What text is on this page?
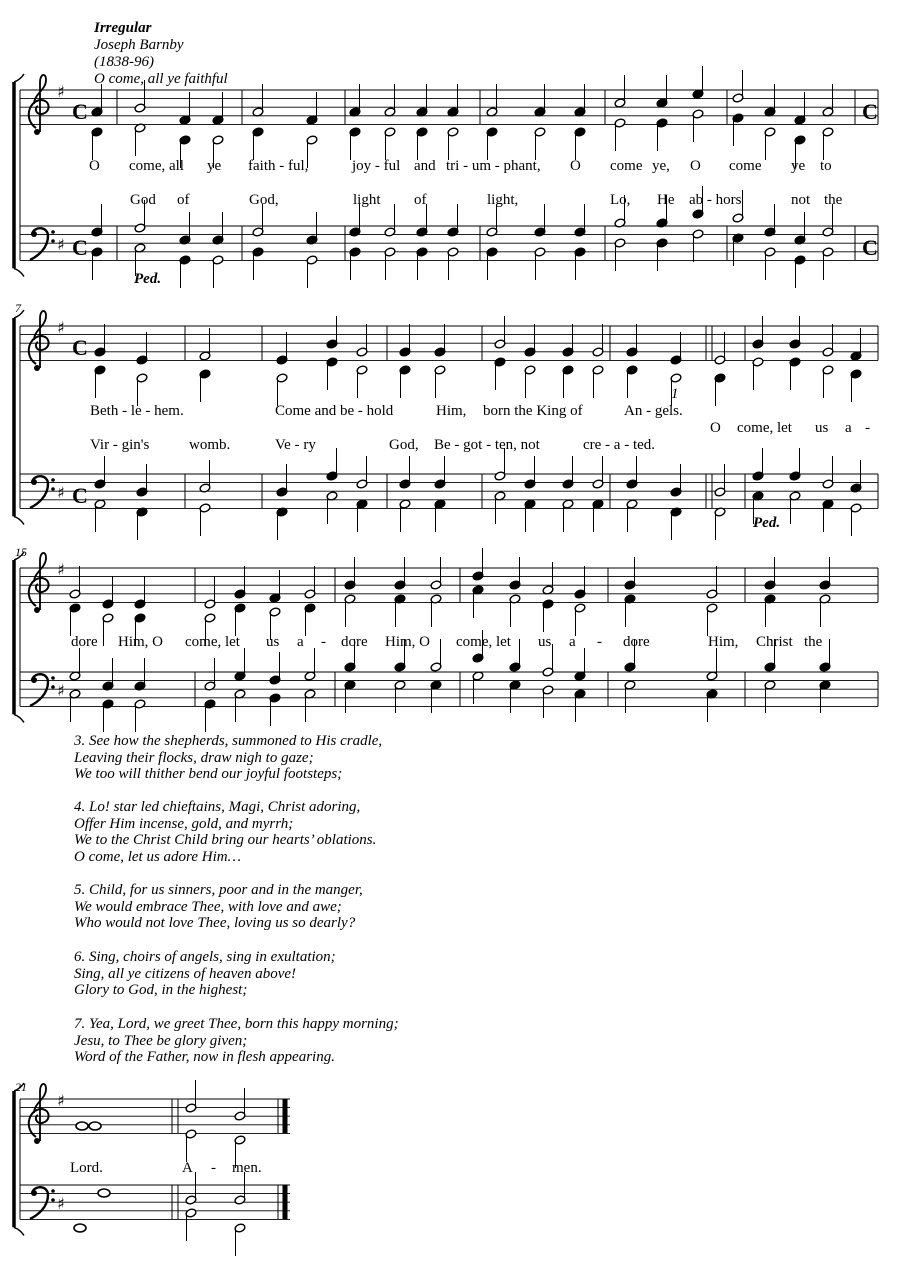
Irregular
Joseph Barnby
(1838-96)
O come, all ye faithful
♯
C	C
♯ C	C
♯
C
♯ C
♯
♯
♯
♯
7
15
21
Ped.
Ped.
1
O come, all ye faith - ful,	joy - ful and tri - um - phant, O come ye, O come ye to
God of	God,	light of	light,	Lo, He ab - hors	not the
Beth - le - hem.	Come and be - hold	Him, born the King of	An - gels.
O come, let us a -
Vir - gin's	womb.	Ve - ry	God, Be - got - ten, not	cre - a - ted.
dore Him, O come, let us a - dore Him, O come, let us a - dore	Him, Christ the
Lord.	A - men.
3. See how the shepherds, summoned to His cradle,
Leaving their flocks, draw nigh to gaze;
We too will thither bend our joyful footsteps;
4. Lo! star led chieftains, Magi, Christ adoring,
Offer Him incense, gold, and myrrh;
We to the Christ Child bring our hearts’ oblations.
O come, let us adore Him…
5. Child, for us sinners, poor and in the manger,
We would embrace Thee, with love and awe;
Who would not love Thee, loving us so dearly?
6. Sing, choirs of angels, sing in exultation;
Sing, all ye citizens of heaven above!
Glory to God, in the highest;
7. Yea, Lord, we greet Thee, born this happy morning;
Jesu, to Thee be glory given;
Word of the Father, now in flesh appearing.
